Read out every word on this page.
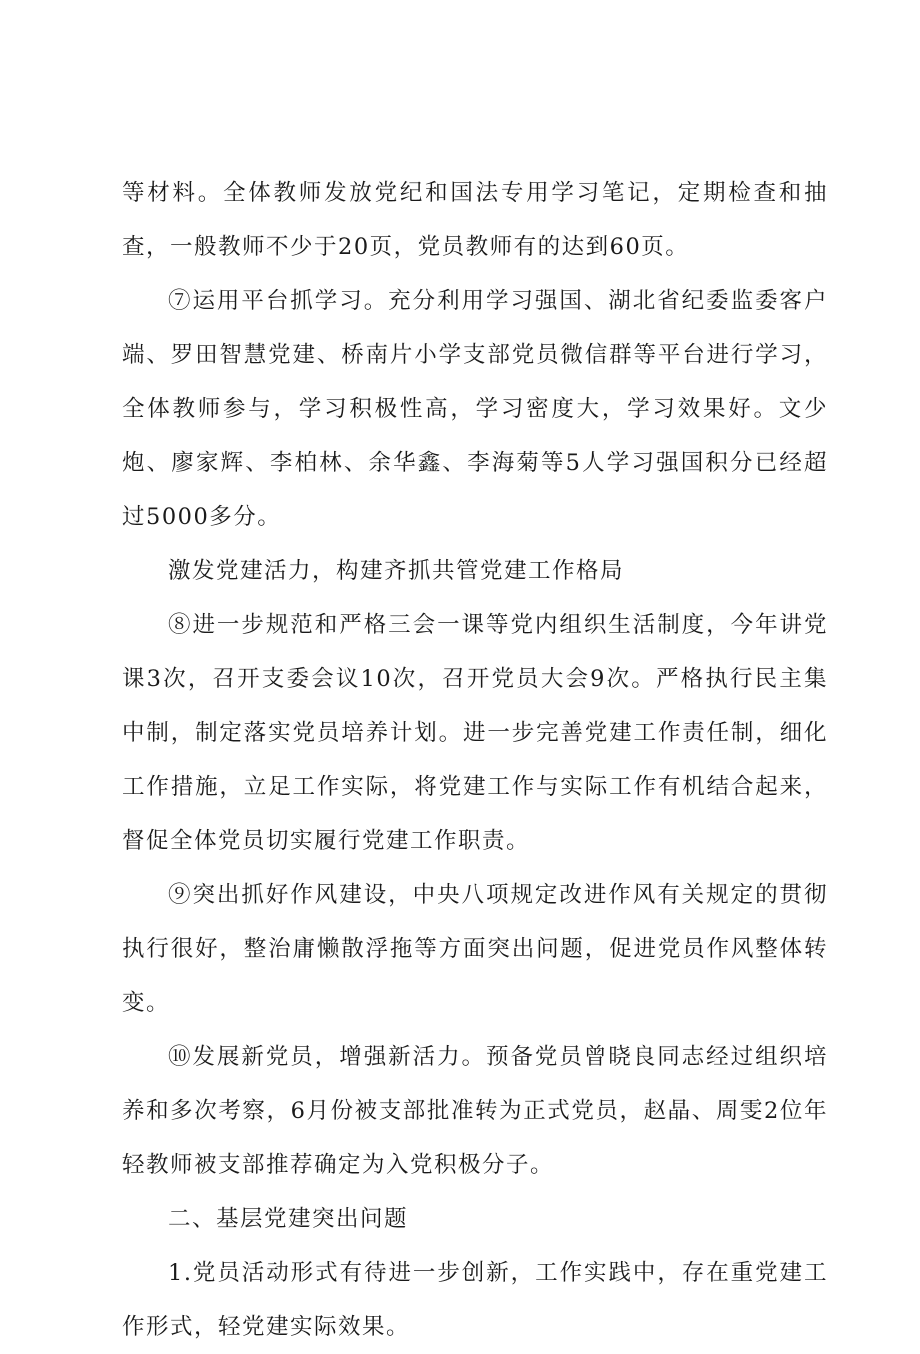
等材料。全体教师发放党纪和国法专用学习笔记，定期检查和抽查，一般教师不少于20页，党员教师有的达到60页。

⑦运用平台抓学习。充分利用学习强国、湖北省纪委监委客户端、罗田智慧党建、桥南片小学支部党员微信群等平台进行学习，全体教师参与，学习积极性高，学习密度大，学习效果好。文少炮、廖家辉、李柏林、余华鑫、李海菊等5人学习强国积分已经超过5000多分。

激发党建活力，构建齐抓共管党建工作格局

⑧进一步规范和严格三会一课等党内组织生活制度，今年讲党课3次，召开支委会议10次，召开党员大会9次。严格执行民主集中制，制定落实党员培养计划。进一步完善党建工作责任制，细化工作措施，立足工作实际，将党建工作与实际工作有机结合起来，督促全体党员切实履行党建工作职责。

⑨突出抓好作风建设，中央八项规定改进作风有关规定的贯彻执行很好，整治庸懒散浮拖等方面突出问题，促进党员作风整体转变。

⑩发展新党员，增强新活力。预备党员曾晓良同志经过组织培养和多次考察，6月份被支部批准转为正式党员，赵晶、周雯2位年轻教师被支部推荐确定为入党积极分子。

二、基层党建突出问题

1.党员活动形式有待进一步创新，工作实践中，存在重党建工作形式，轻党建实际效果。
